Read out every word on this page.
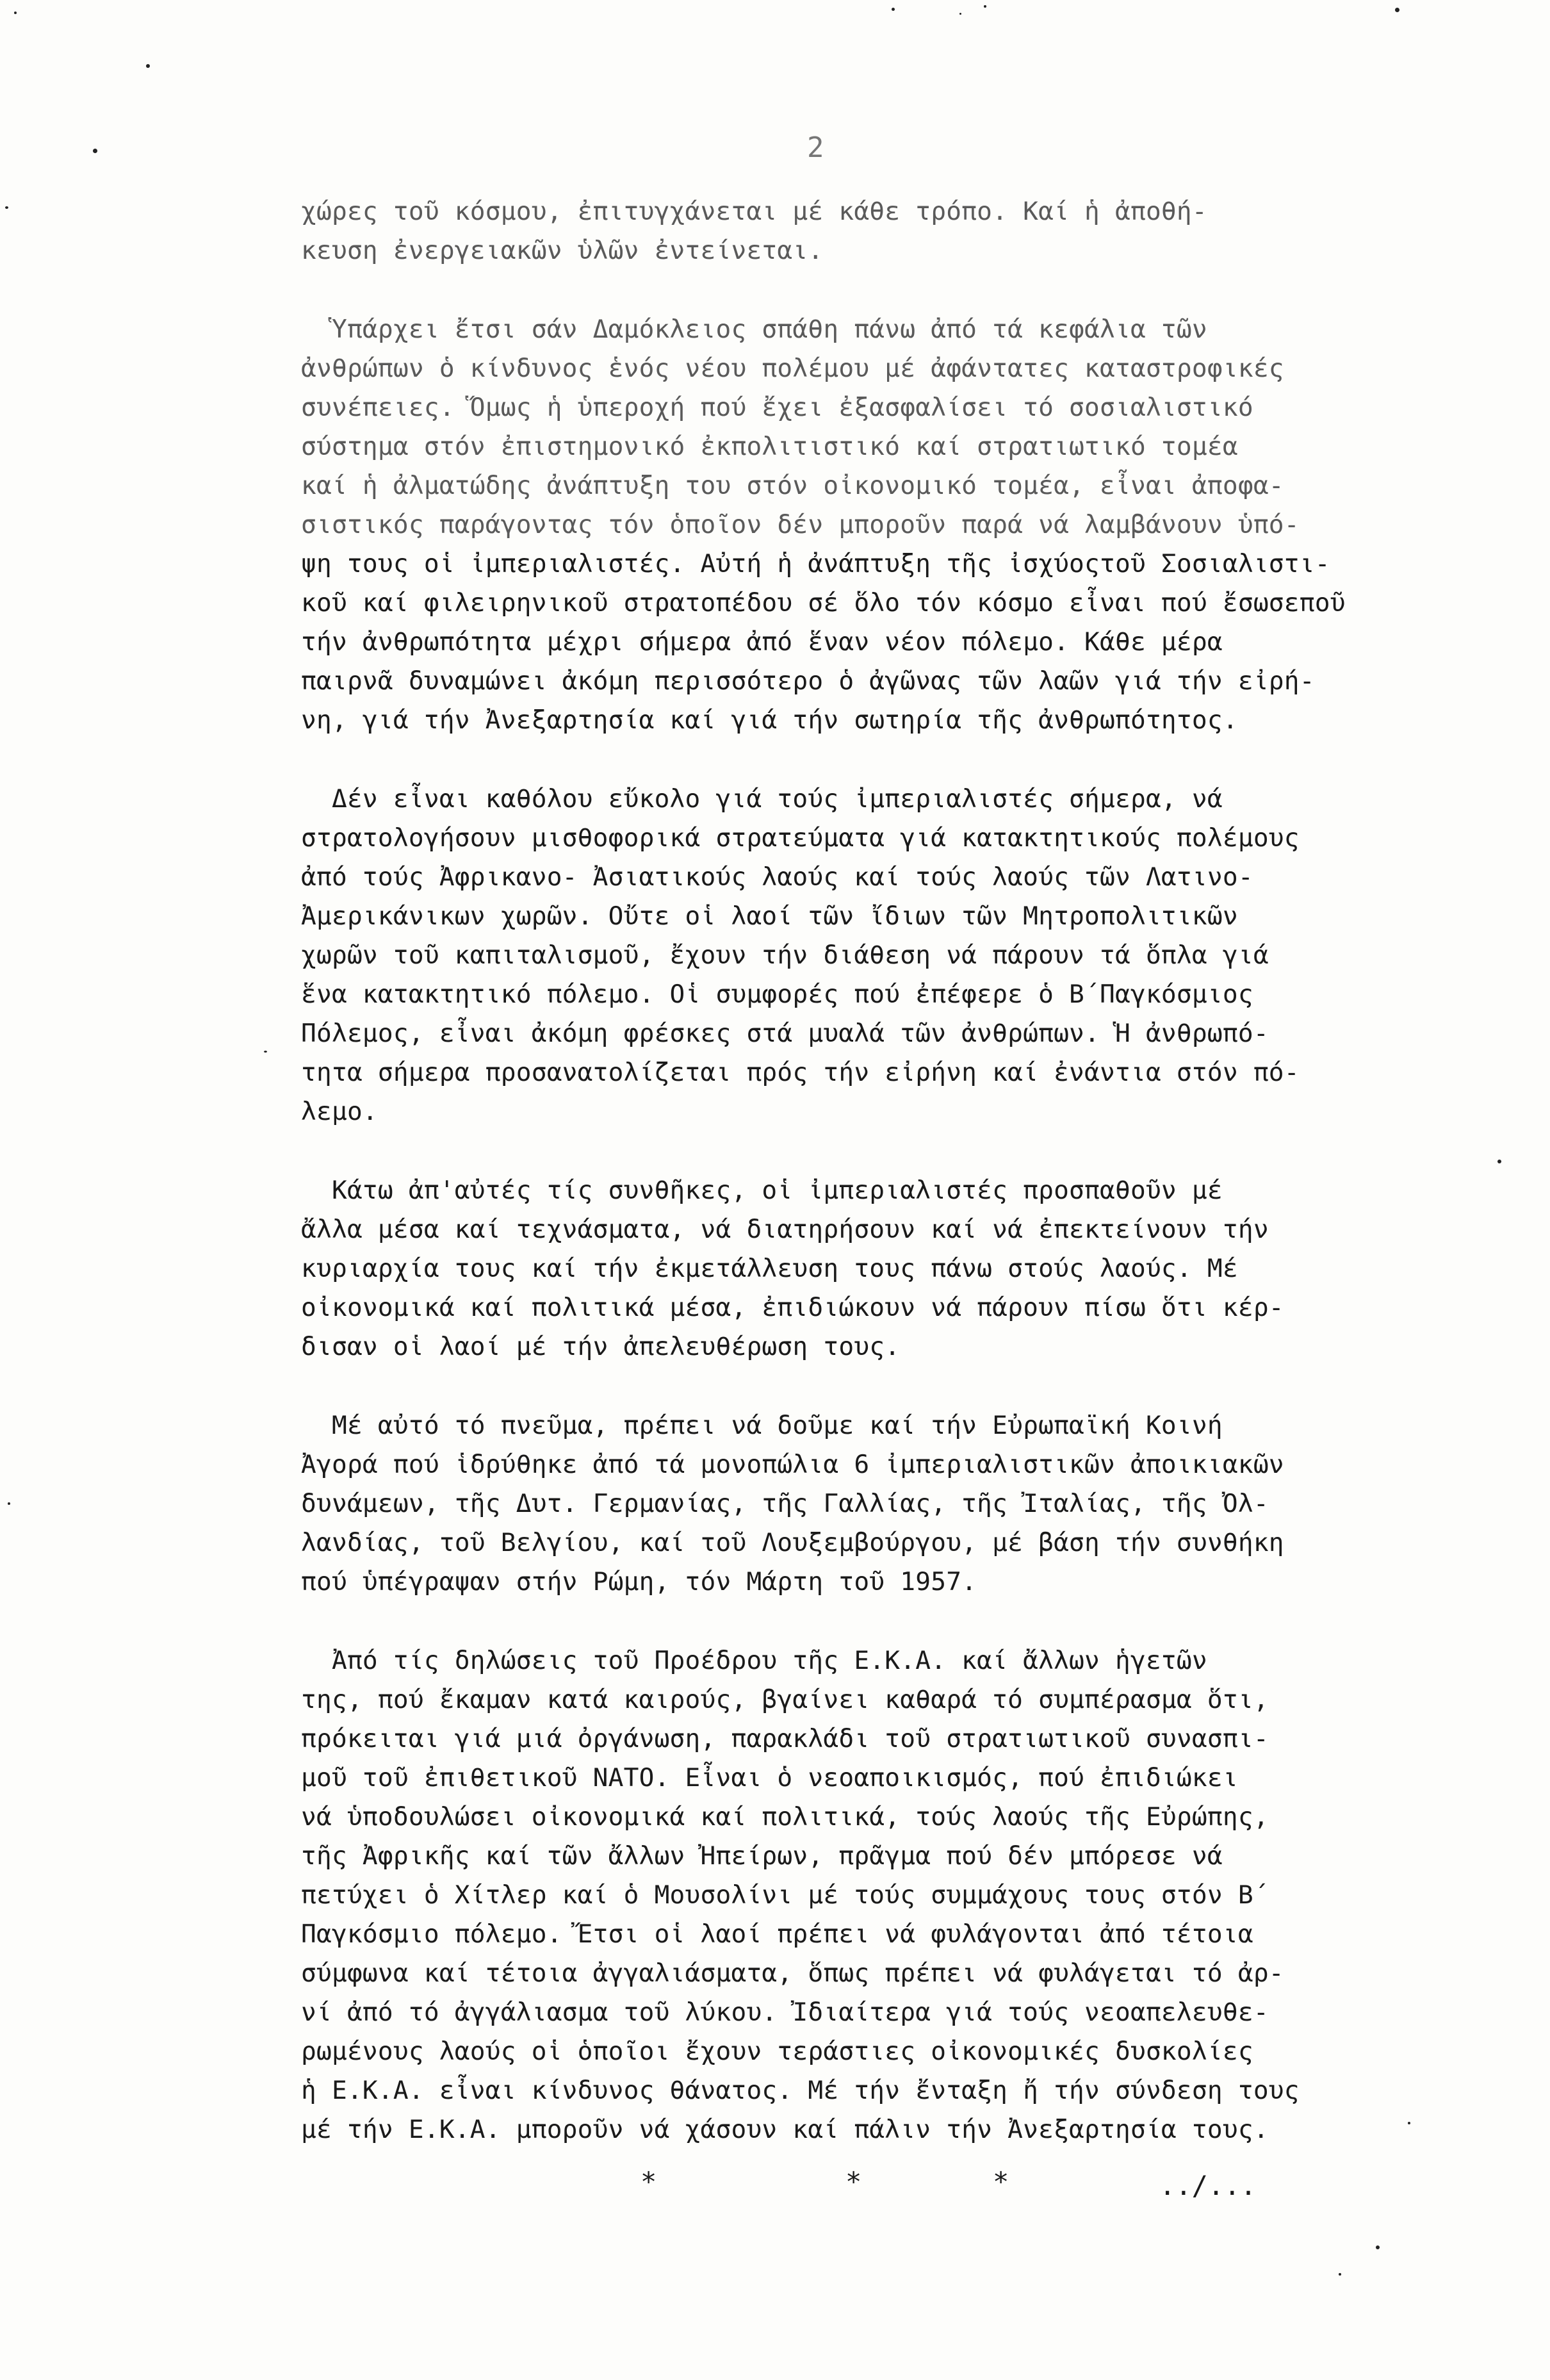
2
χώρες τοῦ κόσμου, ἐπιτυγχάνεται μέ κάθε τρόπο. Καί ἡ ἀποθή-
κευση ἐνεργειακῶν ὑλῶν ἐντείνεται.
Ὑπάρχει ἔτσι σάν Δαμόκλειος σπάθη πάνω ἀπό τά κεφάλια τῶν
ἀνθρώπων ὁ κίνδυνος ἑνός νέου πολέμου μέ ἀφάντατες καταστροφικές
συνέπειες. Ὅμως ἡ ὑπεροχή πού ἔχει ἐξασφαλίσει τό σοσιαλιστικό
σύστημα στόν ἐπιστημονικό ἐκπολιτιστικό καί στρατιωτικό τομέα
καί ἡ ἀλματώδης ἀνάπτυξη του στόν οἰκονομικό τομέα, εἶναι ἀποφα-
σιστικός παράγοντας τόν ὁποῖον δέν μποροῦν παρά νά λαμβάνουν ὑπό-
ψη τους οἱ ἰμπεριαλιστές. Αὐτή ἡ ἀνάπτυξη τῆς ἰσχύοςτοῦ Σοσιαλιστι-
κοῦ καί φιλειρηνικοῦ στρατοπέδου σέ ὅλο τόν κόσμο εἶναι πού ἔσωσεποῦ
τήν ἀνθρωπότητα μέχρι σήμερα ἀπό ἕναν νέον πόλεμο. Κάθε μέρα
παιρνᾶ δυναμώνει ἀκόμη περισσότερο ὁ ἀγῶνας τῶν λαῶν γιά τήν εἰρή-
νη, γιά τήν Ἀνεξαρτησία καί γιά τήν σωτηρία τῆς ἀνθρωπότητος.
Δέν εἶναι καθόλου εὔκολο γιά τούς ἰμπεριαλιστές σήμερα, νά
στρατολογήσουν μισθοφορικά στρατεύματα γιά κατακτητικούς πολέμους
ἀπό τούς Ἀφρικανο- Ἀσιατικούς λαούς καί τούς λαούς τῶν Λατινο-
Ἀμερικάνικων χωρῶν. Οὔτε οἱ λαοί τῶν ἴδιων τῶν Μητροπολιτικῶν
χωρῶν τοῦ καπιταλισμοῦ, ἔχουν τήν διάθεση νά πάρουν τά ὅπλα γιά
ἕνα κατακτητικό πόλεμο. Οἱ συμφορές πού ἐπέφερε ὁ Β΄Παγκόσμιος
Πόλεμος, εἶναι ἀκόμη φρέσκες στά μυαλά τῶν ἀνθρώπων. Ἡ ἀνθρωπό-
τητα σήμερα προσανατολίζεται πρός τήν εἰρήνη καί ἐνάντια στόν πό-
λεμο.
Κάτω ἀπ'αὐτές τίς συνθῆκες, οἱ ἰμπεριαλιστές προσπαθοῦν μέ
ἄλλα μέσα καί τεχνάσματα, νά διατηρήσουν καί νά ἐπεκτείνουν τήν
κυριαρχία τους καί τήν ἐκμετάλλευση τους πάνω στούς λαούς. Μέ
οἰκονομικά καί πολιτικά μέσα, ἐπιδιώκουν νά πάρουν πίσω ὅτι κέρ-
δισαν οἱ λαοί μέ τήν ἀπελευθέρωση τους.
Μέ αὐτό τό πνεῦμα, πρέπει νά δοῦμε καί τήν Εὐρωπαϊκή Κοινή
Ἀγορά πού ἱδρύθηκε ἀπό τά μονοπώλια 6 ἰμπεριαλιστικῶν ἀποικιακῶν
δυνάμεων, τῆς Δυτ. Γερμανίας, τῆς Γαλλίας, τῆς Ἰταλίας, τῆς Ὀλ-
λανδίας, τοῦ Βελγίου, καί τοῦ Λουξεμβούργου, μέ βάση τήν συνθήκη
πού ὑπέγραψαν στήν Ρώμη, τόν Μάρτη τοῦ 1957.
Ἀπό τίς δηλώσεις τοῦ Προέδρου τῆς Ε.Κ.Α. καί ἄλλων ἡγετῶν
της, πού ἔκαμαν κατά καιρούς, βγαίνει καθαρά τό συμπέρασμα ὅτι,
πρόκειται γιά μιά ὀργάνωση, παρακλάδι τοῦ στρατιωτικοῦ συνασπι-
μοῦ τοῦ ἐπιθετικοῦ ΝΑΤΟ. Εἶναι ὁ νεοαποικισμός, πού ἐπιδιώκει
νά ὑποδουλώσει οἰκονομικά καί πολιτικά, τούς λαούς τῆς Εὐρώπης,
τῆς Ἀφρικῆς καί τῶν ἄλλων Ἠπείρων, πρᾶγμα πού δέν μπόρεσε νά
πετύχει ὁ Χίτλερ καί ὁ Μουσολίνι μέ τούς συμμάχους τους στόν Β΄
Παγκόσμιο πόλεμο. Ἔτσι οἱ λαοί πρέπει νά φυλάγονται ἀπό τέτοια
σύμφωνα καί τέτοια ἀγγαλιάσματα, ὅπως πρέπει νά φυλάγεται τό ἀρ-
νί ἀπό τό ἀγγάλιασμα τοῦ λύκου. Ἰδιαίτερα γιά τούς νεοαπελευθε-
ρωμένους λαούς οἱ ὁποῖοι ἔχουν τεράστιες οἰκονομικές δυσκολίες
ἡ Ε.Κ.Α. εἶναι κίνδυνος θάνατος. Μέ τήν ἔνταξη ἤ τήν σύνδεση τους
μέ τήν Ε.Κ.Α. μποροῦν νά χάσουν καί πάλιν τήν Ἀνεξαρτησία τους.

*

	*

	*

	../...
